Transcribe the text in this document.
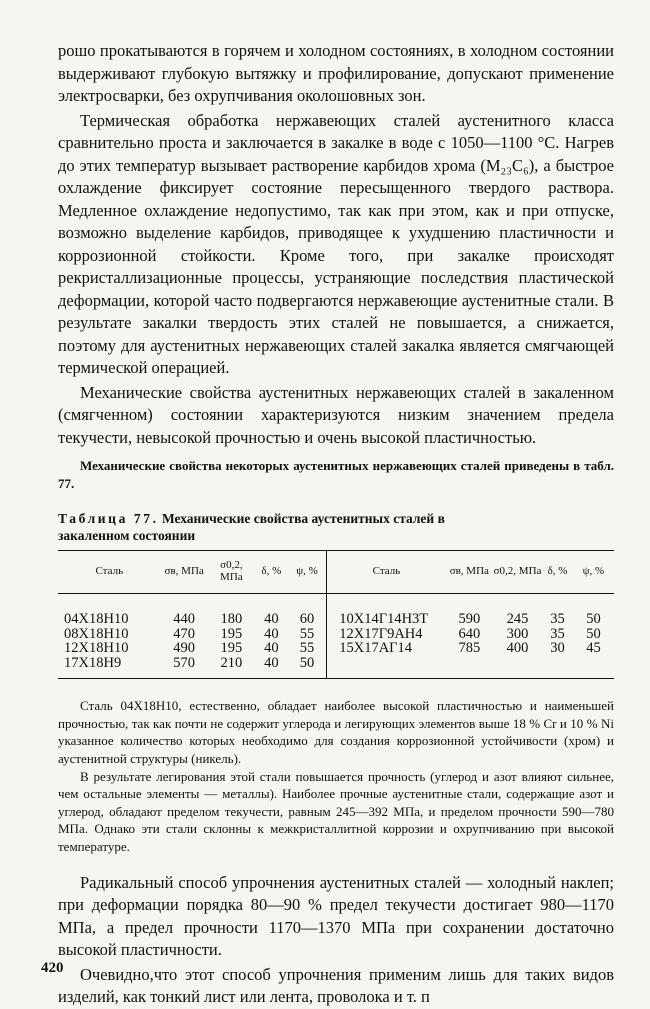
рошо прокатываются в горячем и холодном состояниях, в холодном состоянии выдерживают глубокую вытяжку и профилирование, допускают применение электросварки, без охрупчивания околошовных зон.

Термическая обработка нержавеющих сталей аустенитного класса сравнительно проста и заключается в закалке в воде с 1050—1100 °С. Нагрев до этих температур вызывает растворение карбидов хрома (M₂₃C₆), а быстрое охлаждение фиксирует состояние пересыщенного твердого раствора. Медленное охлаждение недопустимо, так как при этом, как и при отпуске, возможно выделение карбидов, приводящее к ухудшению пластичности и коррозионной стойкости. Кроме того, при закалке происходят рекристаллизационные процессы, устраняющие последствия пластической деформации, которой часто подвергаются нержавеющие аустенитные стали. В результате закалки твердость этих сталей не повышается, а снижается, поэтому для аустенитных нержавеющих сталей закалка является смягчающей термической операцией.

Механические свойства аустенитных нержавеющих сталей в закаленном (смягченном) состоянии характеризуются низким значением предела текучести, невысокой прочностью и очень высокой пластичностью.

Механические свойства некоторых аустенитных нержавеющих сталей приведены в табл. 77.

Таблица 77. Механические свойства аустенитных сталей в закаленном состоянии

Сталь	σв, МПа	σ0,2, МПа	δ, %	ψ, %	Сталь	σв, МПа	σ0,2, МПа	δ, %	ψ, %
04Х18Н10	440	180	40	60	10Х14Г14Н3Т	590	245	35	50
08Х18Н10	470	195	40	55	12Х17Г9АН4	640	300	35	50
12Х18Н10	490	195	40	55	15Х17АГ14	785	400	30	45
17Х18Н9	570	210	40	50					

Сталь 04Х18Н10, естественно, обладает наиболее высокой пластичностью и наименьшей прочностью, так как почти не содержит углерода и легирующих элементов выше 18 % Cr и 10 % Ni указанное количество которых необходимо для создания коррозионной устойчивости (хром) и аустенитной структуры (никель).

В результате легирования этой стали повышается прочность (углерод и азот влияют сильнее, чем остальные элементы — металлы). Наиболее прочные аустенитные стали, содержащие азот и углерод, обладают пределом текучести, равным 245—392 МПа, и пределом прочности 590—780 МПа. Однако эти стали склонны к межкристаллитной коррозии и охрупчиванию при высокой температуре.

Радикальный способ упрочнения аустенитных сталей — холодный наклеп; при деформации порядка 80—90 % предел текучести достигает 980—1170 МПа, а предел прочности 1170—1370 МПа при сохранении достаточно высокой пластичности.

Очевидно,что этот способ упрочнения применим лишь для таких видов изделий, как тонкий лист или лента, проволока и т. п

420
